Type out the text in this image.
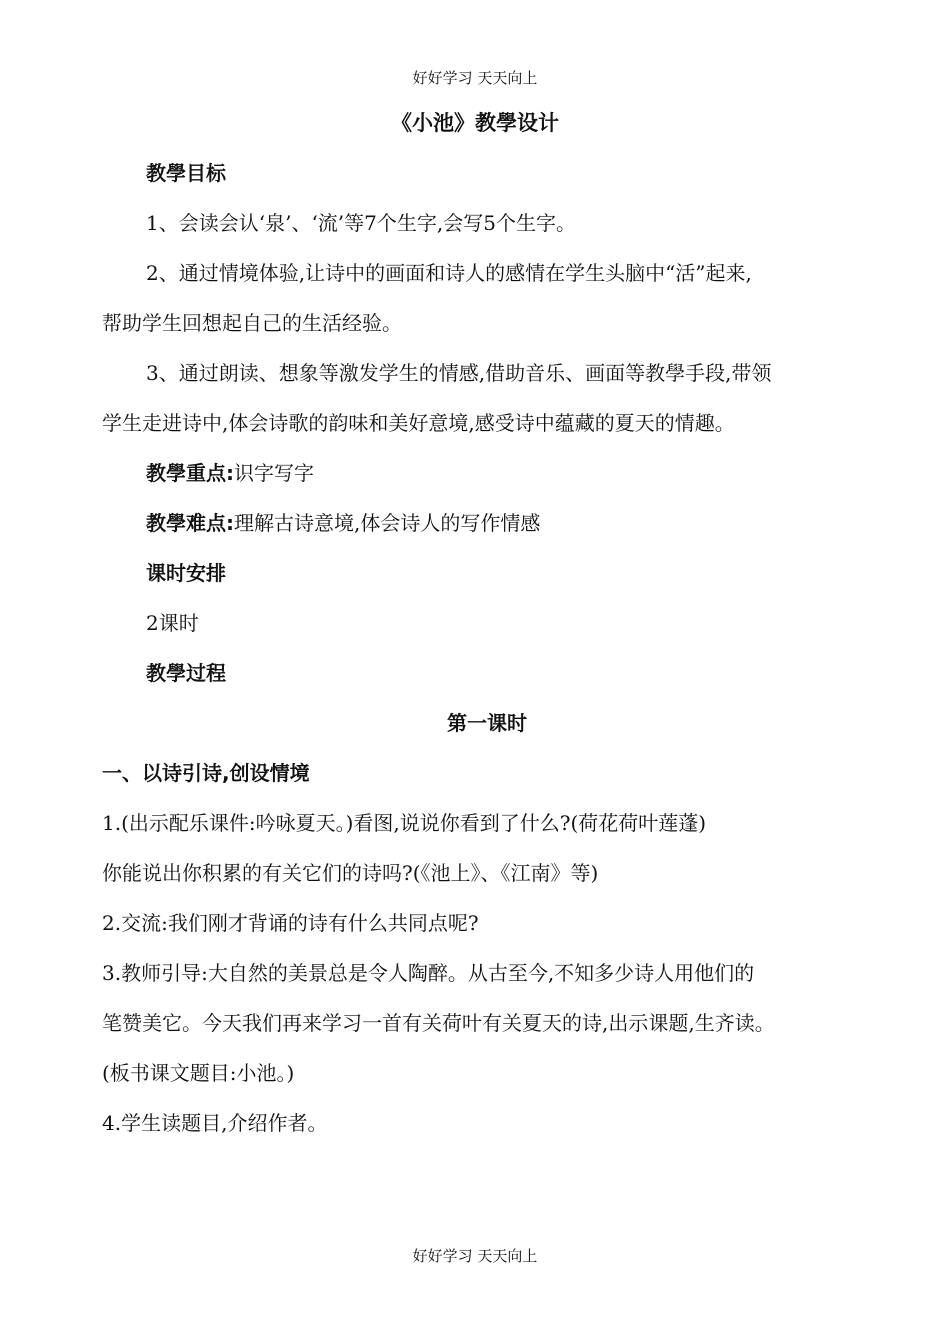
好好学习 天天向上
《小池》教學设计

教學目标

1、会读会认‘泉’、‘流’等7个生字,会写5个生字。

2、通过情境体验,让诗中的画面和诗人的感情在学生头脑中“活”起来,

帮助学生回想起自己的生活经验。

3、通过朗读、想象等激发学生的情感,借助音乐、画面等教學手段,带领

学生走进诗中,体会诗歌的韵味和美好意境,感受诗中蕴藏的夏天的情趣。

教學重点:识字写字

教學难点:理解古诗意境,体会诗人的写作情感

课时安排

2课时

教學过程

第一课时

一、以诗引诗,创设情境

1.(出示配乐课件:吟咏夏天。)看图,说说你看到了什么?(荷花荷叶莲蓬)

你能说出你积累的有关它们的诗吗?(《池上》、《江南》等)

2.交流:我们刚才背诵的诗有什么共同点呢?

3.教师引导:大自然的美景总是令人陶醉。从古至今,不知多少诗人用他们的

笔赞美它。今天我们再来学习一首有关荷叶有关夏天的诗,出示课题,生齐读。

(板书课文题目:小池。)

4.学生读题目,介绍作者。

好好学习 天天向上
